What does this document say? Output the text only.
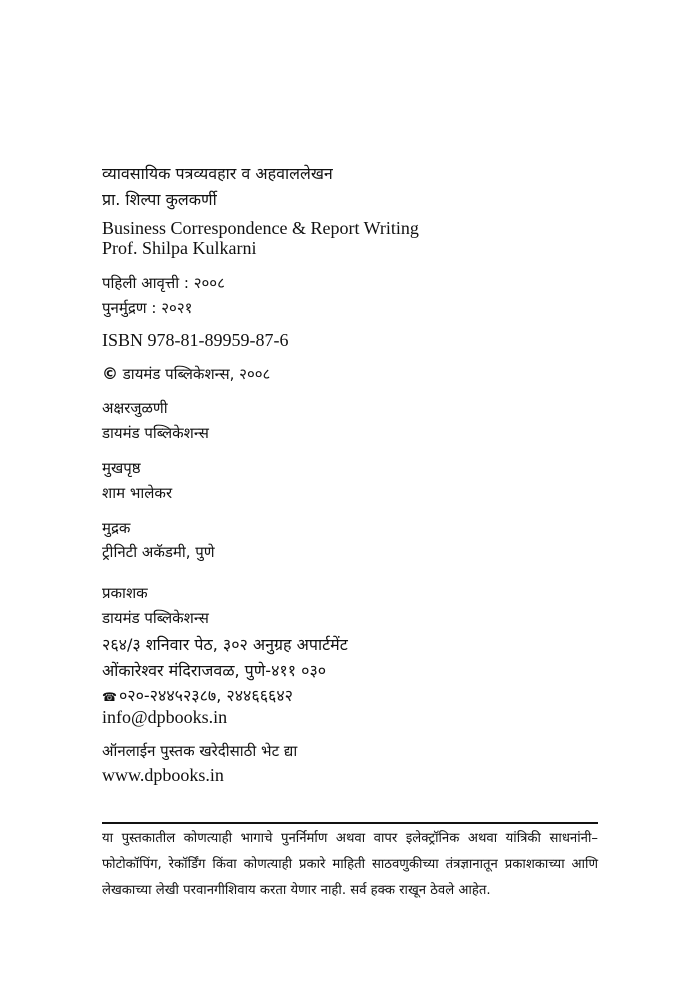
व्यावसायिक पत्रव्यवहार व अहवाललेखन
प्रा. शिल्पा कुलकर्णी
Business Correspondence & Report Writing
Prof. Shilpa Kulkarni
पहिली आवृत्ती : २००८
पुनर्मुद्रण : २०२१
ISBN 978-81-89959-87-6
© डायमंड पब्लिकेशन्स, २००८
अक्षरजुळणी
डायमंड पब्लिकेशन्स
मुखपृष्ठ
शाम भालेकर
मुद्रक
ट्रीनिटी अकॅडमी, पुणे
प्रकाशक
डायमंड पब्लिकेशन्स
२६४/३ शनिवार पेठ, ३०२ अनुग्रह अपार्टमेंट
ओंकारेश्वर मंदिराजवळ, पुणे-४११ ०३०
☎ ०२०-२४४५२३८७, २४४६६६४२
info@dpbooks.in
ऑनलाईन पुस्तक खरेदीसाठी भेट द्या
www.dpbooks.in
या पुस्तकातील कोणत्याही भागाचे पुनर्निर्माण अथवा वापर इलेक्ट्रॉनिक अथवा यांत्रिकी साधनांनी–फोटोकॉपिंग, रेकॉर्डिंग किंवा कोणत्याही प्रकारे माहिती साठवणुकीच्या तंत्रज्ञानातून प्रकाशकाच्या आणि लेखकाच्या लेखी परवानगीशिवाय करता येणार नाही. सर्व हक्क राखून ठेवले आहेत.
